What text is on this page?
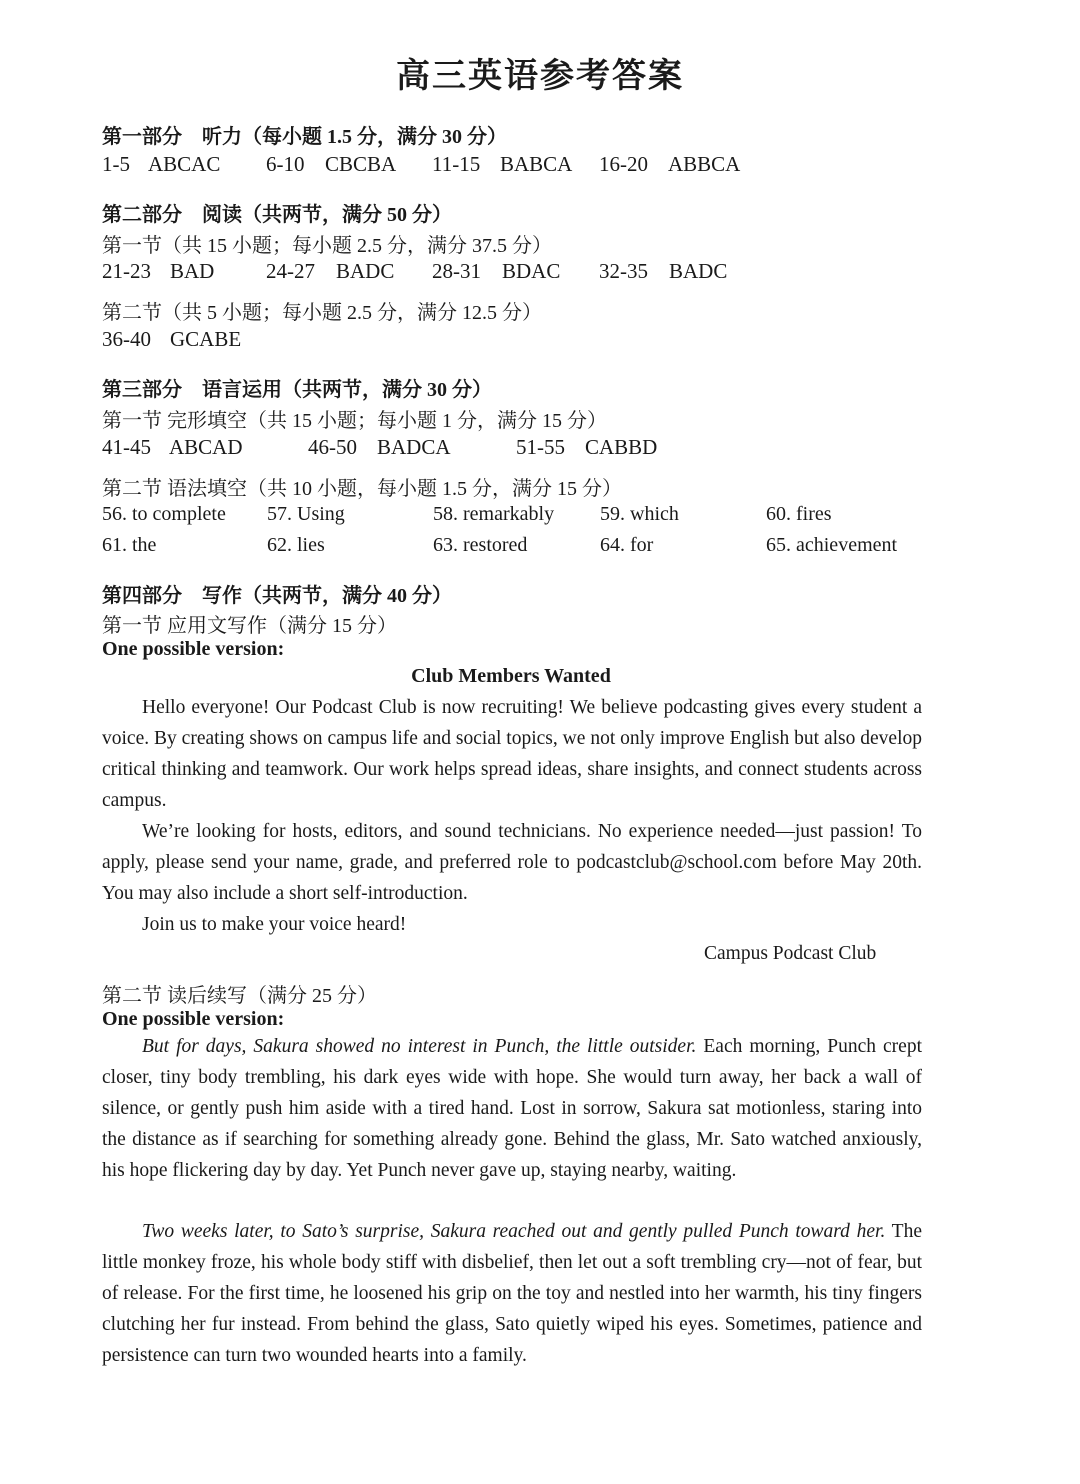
高三英语参考答案
第一部分　听力（每小题 1.5 分，满分 30 分）
1-5 ABCAC 6-10 CBCBA 11-15 BABCA 16-20 ABBCA
第二部分　阅读（共两节，满分 50 分）
第一节（共 15 小题；每小题 2.5 分，满分 37.5 分）
21-23 BAD 24-27 BADC 28-31 BDAC 32-35 BADC
第二节（共 5 小题；每小题 2.5 分，满分 12.5 分）
36-40 GCABE
第三部分　语言运用（共两节，满分 30 分）
第一节 完形填空（共 15 小题；每小题 1 分，满分 15 分）
41-45 ABCAD	46-50 BADCA	51-55 CABBD
第二节 语法填空（共 10 小题，每小题 1.5 分，满分 15 分）
56. to complete 57. Using	58. remarkably 59. which	60. fires
61. the	62. lies	63. restored	64. for	65. achievement
第四部分　写作（共两节，满分 40 分）
第一节 应用文写作（满分 15 分）
One possible version:
Club Members Wanted

Hello everyone! Our Podcast Club is now recruiting! We believe podcasting gives every student a voice. By creating shows on campus life and social topics, we not only improve English but also develop critical thinking and teamwork. Our work helps spread ideas, share insights, and connect students across campus.

We’re looking for hosts, editors, and sound technicians. No experience needed—just passion! To apply, please send your name, grade, and preferred role to podcastclub@school.com before May 20th. You may also include a short self-introduction.

Join us to make your voice heard!

Campus Podcast Club
第二节 读后续写（满分 25 分）
One possible version:

But for days, Sakura showed no interest in Punch, the little outsider. Each morning, Punch crept closer, tiny body trembling, his dark eyes wide with hope. She would turn away, her back a wall of silence, or gently push him aside with a tired hand. Lost in sorrow, Sakura sat motionless, staring into the distance as if searching for something already gone. Behind the glass, Mr. Sato watched anxiously, his hope flickering day by day. Yet Punch never gave up, staying nearby, waiting.

Two weeks later, to Sato’s surprise, Sakura reached out and gently pulled Punch toward her. The little monkey froze, his whole body stiff with disbelief, then let out a soft trembling cry—not of fear, but of release. For the first time, he loosened his grip on the toy and nestled into her warmth, his tiny fingers clutching her fur instead. From behind the glass, Sato quietly wiped his eyes. Sometimes, patience and persistence can turn two wounded hearts into a family.
